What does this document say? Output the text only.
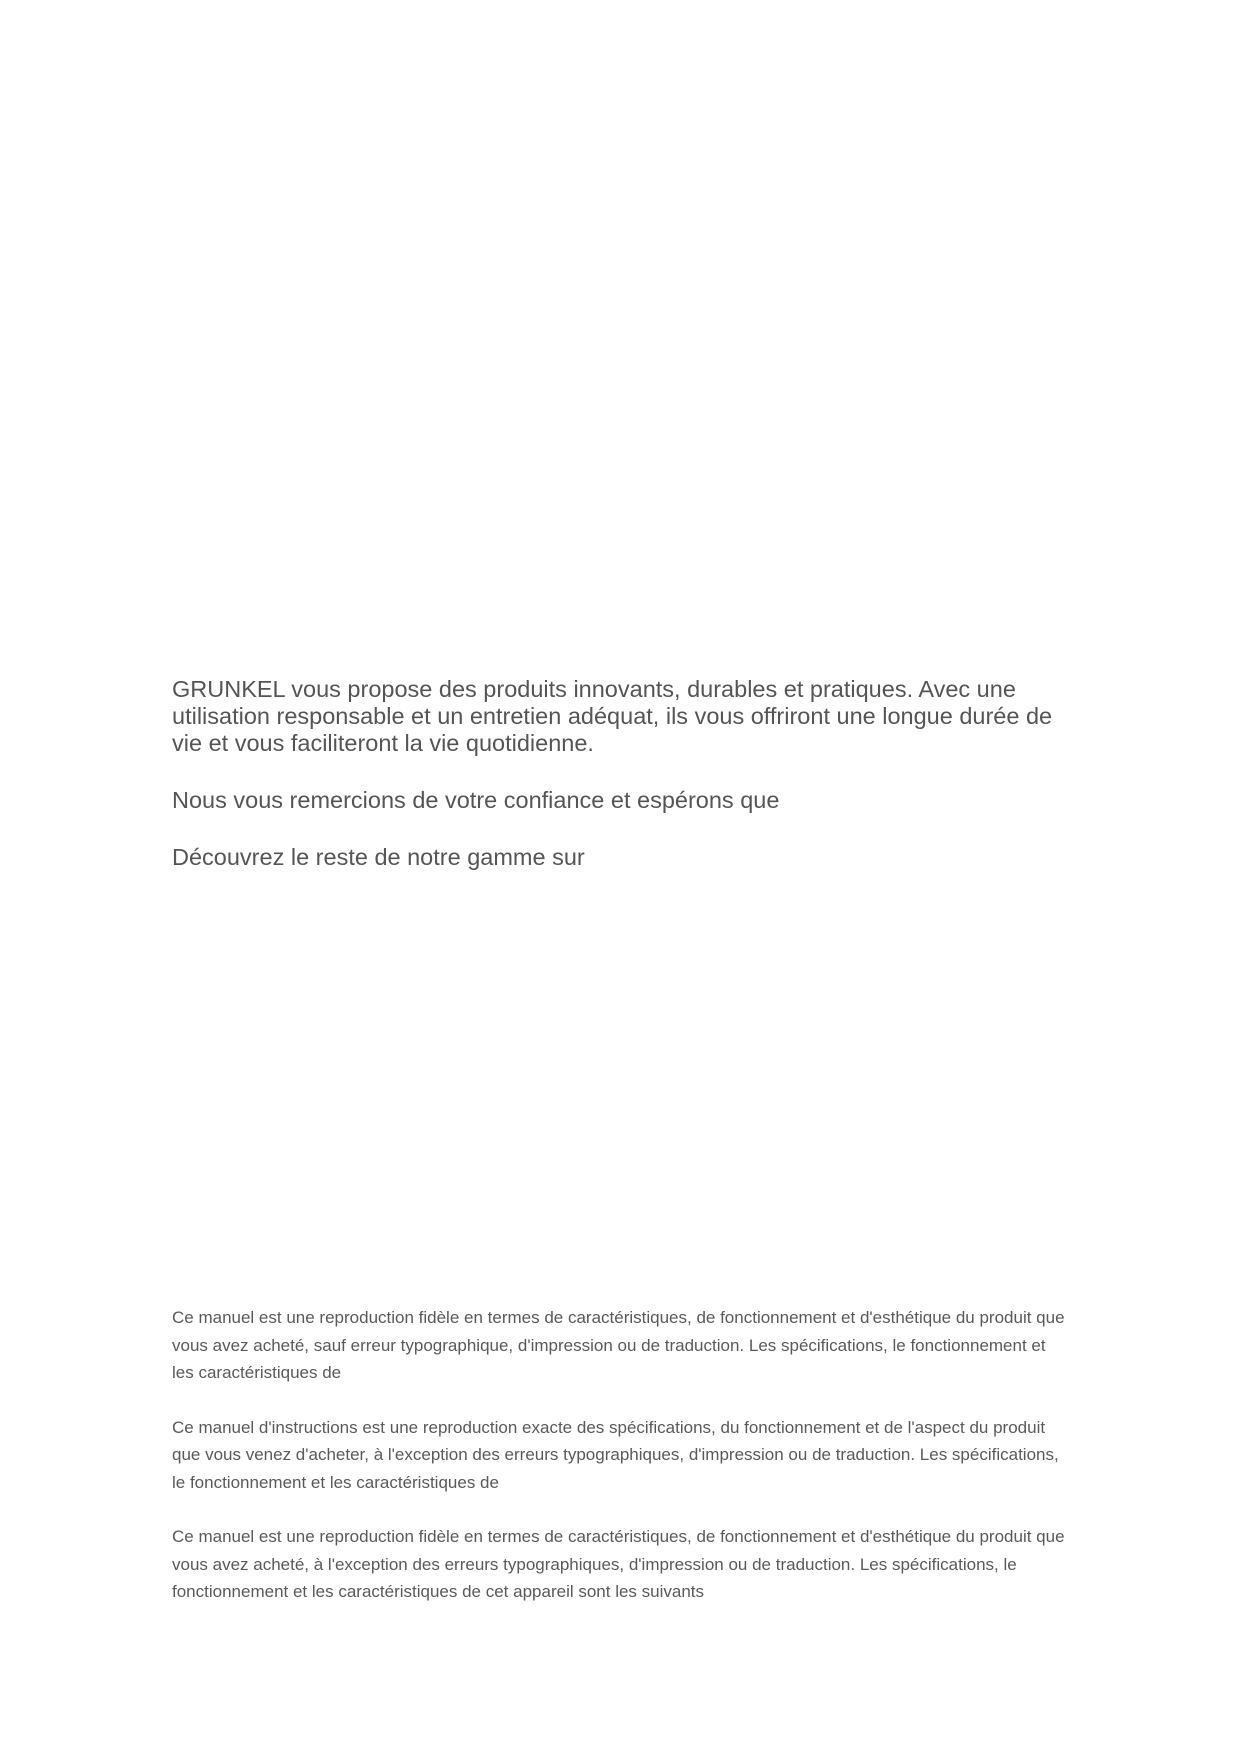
GRUNKEL vous propose des produits innovants, durables et pratiques. Avec une utilisation responsable et un entretien adéquat, ils vous offriront une longue durée de vie et vous faciliteront la vie quotidienne.

Nous vous remercions de votre confiance et espérons que

Découvrez le reste de notre gamme sur

Ce manuel est une reproduction fidèle en termes de caractéristiques, de fonctionnement et d'esthétique du produit que vous avez acheté, sauf erreur typographique, d'impression ou de traduction. Les spécifications, le fonctionnement et les caractéristiques de

Ce manuel d'instructions est une reproduction exacte des spécifications, du fonctionnement et de l'aspect du produit que vous venez d'acheter, à l'exception des erreurs typographiques, d'impression ou de traduction. Les spécifications, le fonctionnement et les caractéristiques de

Ce manuel est une reproduction fidèle en termes de caractéristiques, de fonctionnement et d'esthétique du produit que vous avez acheté, à l'exception des erreurs typographiques, d'impression ou de traduction. Les spécifications, le fonctionnement et les caractéristiques de cet appareil sont les suivants
